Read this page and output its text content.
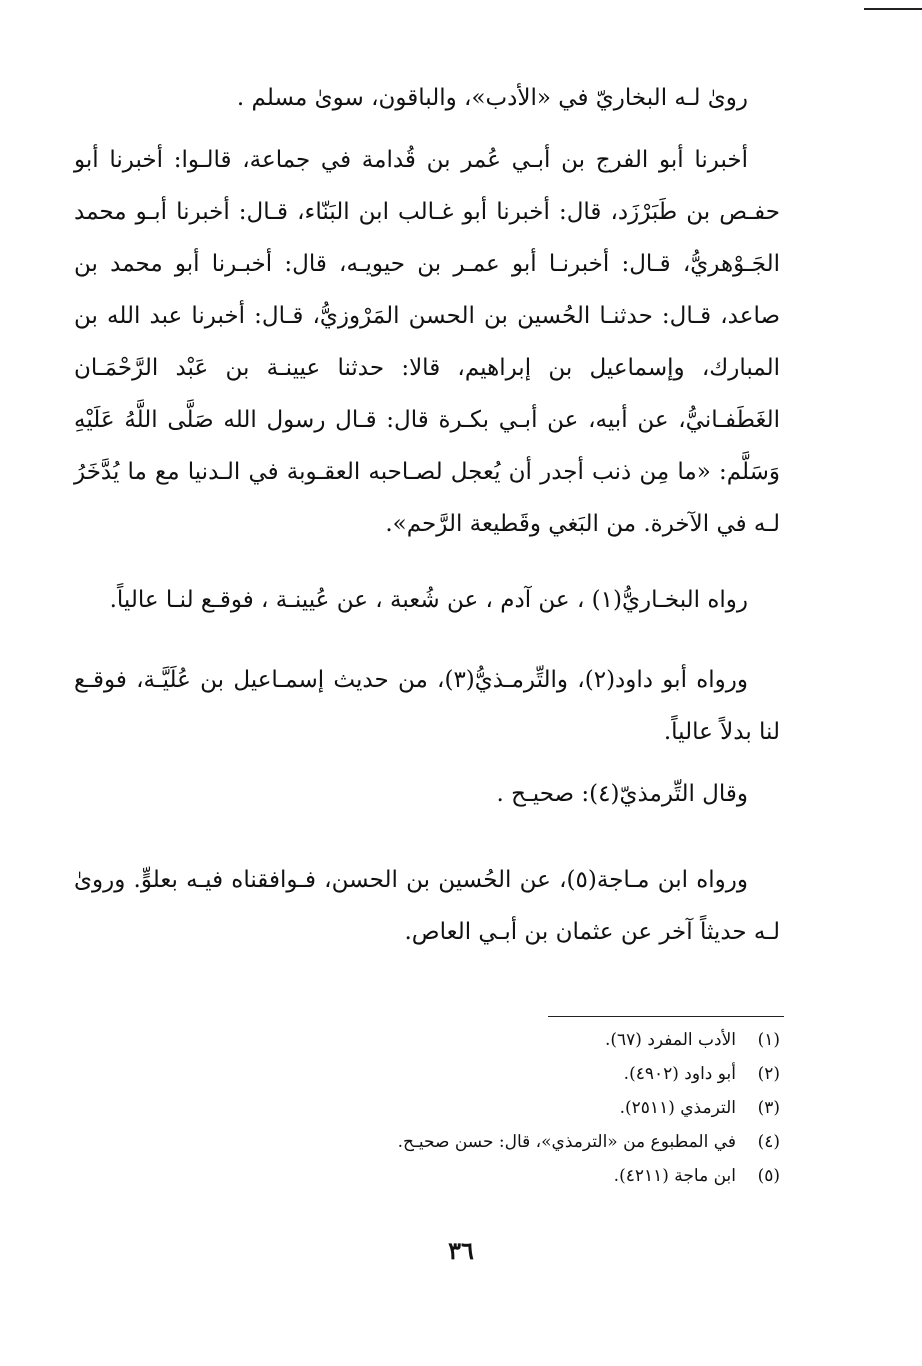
رویٰ لـه البخاريّ في «الأدب»، والباقون، سویٰ مسلم .

أخبرنا أبو الفرج بن أبـي عُمر بن قُدامة في جماعة، قالـوا: أخبرنا أبو حفـص بن طَبَرْزَد، قال: أخبرنا أبو غـالب ابن البَنّاء، قـال: أخبرنا أبـو محمد الجَـوْهريُّ، قـال: أخبرنـا أبو عمـر بن حيويـه، قال: أخبـرنا أبو محمد بن صاعد، قـال: حدثنـا الحُسين بن الحسن المَرْوزيُّ، قـال: أخبرنا عبد الله بن المبارك، وإسماعيل بن إبراهيم، قالا: حدثنا عيينـة بن عَبْد الرَّحْمَـان الغَطَفـانيُّ، عن أبيه، عن أبـي بكـرة قال: قـال رسول الله صَلَّى اللَّهُ عَلَيْهِ وَسَلَّم: «ما مِن ذنب أجدر أن يُعجل لصـاحبه العقـوبة في الـدنيا مع ما يُدَّخَرُ لـه في الآخرة. من البَغي وقَطيعة الرَّحم».

رواه البخـاريُّ(١) ، عن آدم ، عن شُعبة ، عن عُيينـة ، فوقـع لنـا عالياً.

ورواه أبو داود(٢)، والتِّرمـذيُّ(٣)، من حديث إسمـاعيل بن عُلَيَّـة، فوقـع لنا بدلاً عالياً.

وقال التِّرمذيّ(٤): صحيـح .

ورواه ابن مـاجة(٥)، عن الحُسين بن الحسن، فـوافقناه فيـه بعلوٍّ. وروىٰ لـه حديثاً آخر عن عثمان بن أبـي العاص.

(١)
الأدب المفرد (٦٧).
(٢)
أبو داود (٤٩٠٢).
(٣)
الترمذي (٢٥١١).
(٤)
في المطبوع من «الترمذي»، قال: حسن صحيـح.
(٥)
ابن ماجة (٤٢١١).
٣٦
